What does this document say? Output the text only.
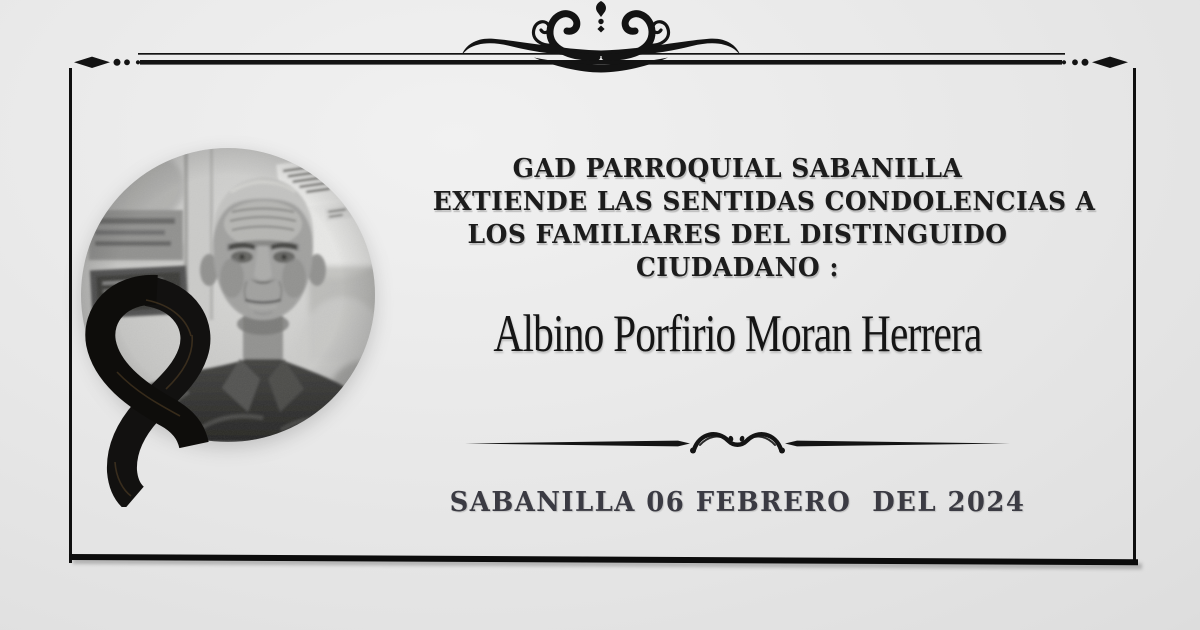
GAD PARROQUIAL SABANILLA
EXTIENDE LAS SENTIDAS CONDOLENCIAS A
LOS FAMILIARES DEL DISTINGUIDO
CIUDADANO :
Albino Porfirio Moran Herrera
SABANILLA 06 FEBRERO  DEL 2024
